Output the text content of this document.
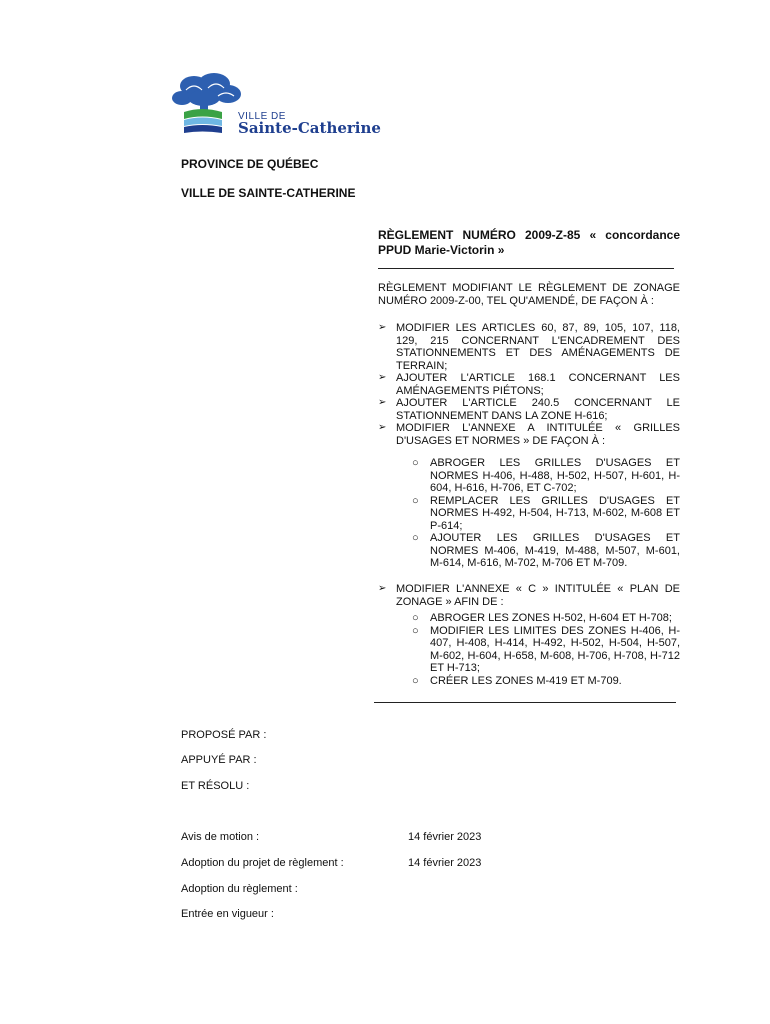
VILLE DE
Sainte-Catherine
PROVINCE DE QUÉBEC
VILLE DE SAINTE-CATHERINE
RÈGLEMENT NUMÉRO 2009-Z-85 « concordance PPUD Marie-Victorin »
RÈGLEMENT MODIFIANT LE RÈGLEMENT DE ZONAGE NUMÉRO 2009-Z-00, TEL QU'AMENDÉ, DE FAÇON À :
➢ MODIFIER LES ARTICLES 60, 87, 89, 105, 107, 118, 129, 215 CONCERNANT L'ENCADREMENT DES STATIONNEMENTS ET DES AMÉNAGEMENTS DE TERRAIN;
➢ AJOUTER L'ARTICLE 168.1 CONCERNANT LES AMÉNAGEMENTS PIÉTONS;
➢ AJOUTER L'ARTICLE 240.5 CONCERNANT LE STATIONNEMENT DANS LA ZONE H-616;
➢ MODIFIER L'ANNEXE A INTITULÉE « GRILLES D'USAGES ET NORMES » DE FAÇON À :
○ ABROGER LES GRILLES D'USAGES ET NORMES H-406, H-488, H-502, H-507, H-601, H-604, H-616, H-706, ET C-702;
○ REMPLACER LES GRILLES D'USAGES ET NORMES H-492, H-504, H-713, M-602, M-608 ET P-614;
○ AJOUTER LES GRILLES D'USAGES ET NORMES M-406, M-419, M-488, M-507, M-601, M-614, M-616, M-702, M-706 ET M-709.
➢ MODIFIER L'ANNEXE « C » INTITULÉE « PLAN DE ZONAGE » AFIN DE :
○ ABROGER LES ZONES H-502, H-604 ET H-708;
○ MODIFIER LES LIMITES DES ZONES H-406, H-407, H-408, H-414, H-492, H-502, H-504, H-507, M-602, H-604, H-658, M-608, H-706, H-708, H-712 ET H-713;
○ CRÉER LES ZONES M-419 ET M-709.
PROPOSÉ PAR :
APPUYÉ PAR :
ET RÉSOLU :
Avis de motion :	14 février 2023
Adoption du projet de règlement :	14 février 2023
Adoption du règlement :
Entrée en vigueur :
